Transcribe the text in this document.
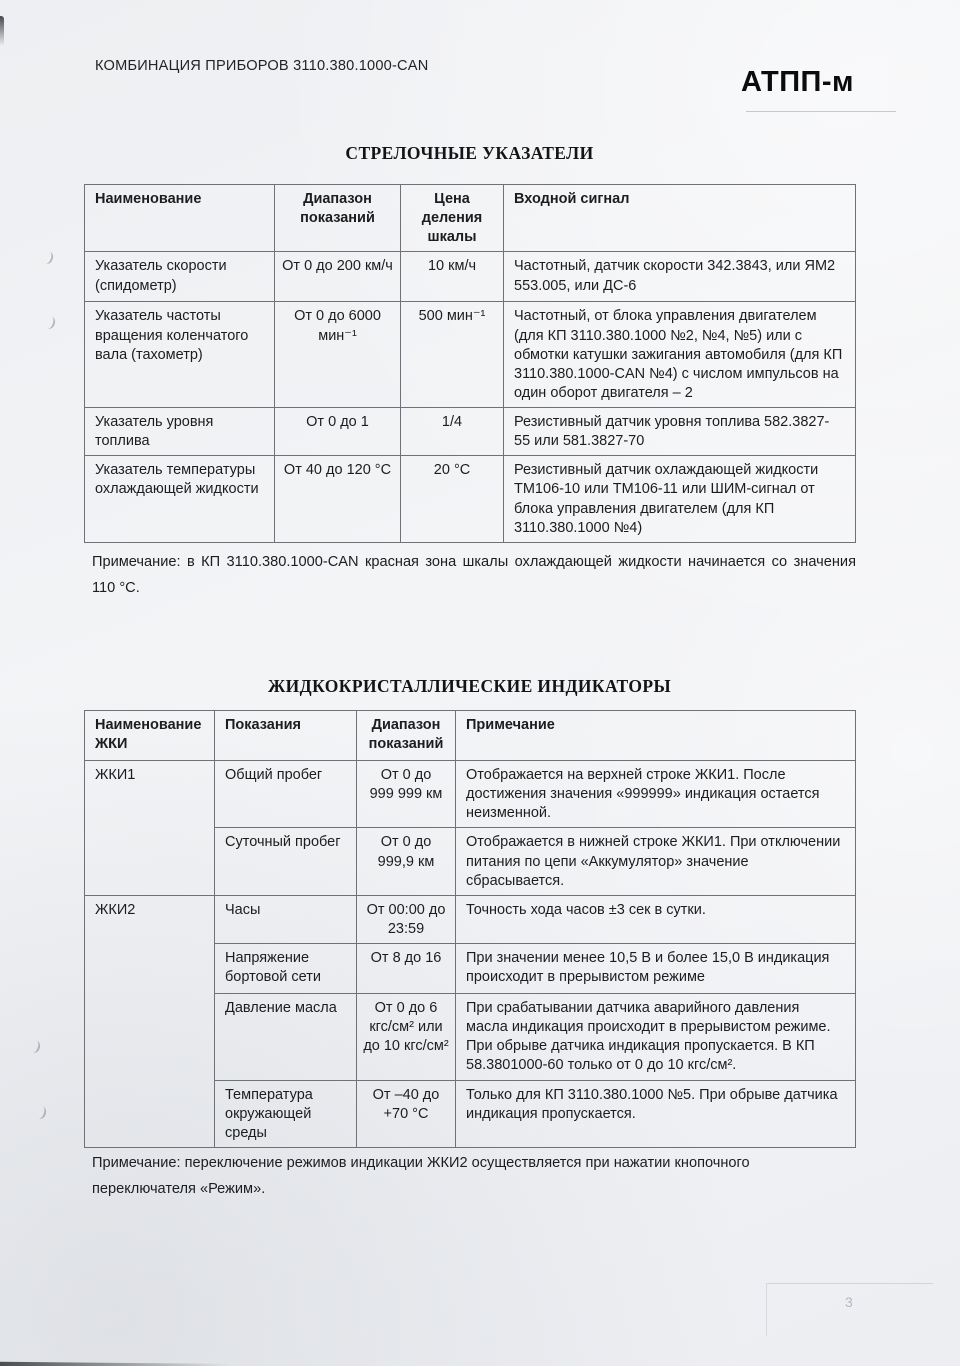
КОМБИНАЦИЯ ПРИБОРОВ 3110.380.1000-CAN	АТПП-м
СТРЕЛОЧНЫЕ УКАЗАТЕЛИ
Наименование	Диапазон показаний	Цена деления шкалы	Входной сигнал
Указатель скорости (спидометр)	От 0 до 200 км/ч	10 км/ч	Частотный, датчик скорости 342.3843, или ЯМ2 553.005, или ДС-6
Указатель частоты вращения коленчатого вала (тахометр)	От 0 до 6000 мин⁻¹	500 мин⁻¹	Частотный, от блока управления двигателем (для КП 3110.380.1000 №2, №4, №5) или с обмотки катушки зажигания автомобиля (для КП 3110.380.1000-CAN №4) с числом импульсов на один оборот двигателя – 2
Указатель уровня топлива	От 0 до 1	1/4	Резистивный датчик уровня топлива 582.3827-55 или 581.3827-70
Указатель температуры охлаждающей жидкости	От 40 до 120 °С	20 °С	Резистивный датчик охлаждающей жидкости ТМ106-10 или ТМ106-11 или ШИМ-сигнал от блока управления двигателем (для КП 3110.380.1000 №4)
Примечание: в КП 3110.380.1000-CAN красная зона шкалы охлаждающей жидкости начинается со значения 110 °С.
ЖИДКОКРИСТАЛЛИЧЕСКИЕ ИНДИКАТОРЫ
Наименование ЖКИ	Показания	Диапазон показаний	Примечание
ЖКИ1	Общий пробег	От 0 до 999 999 км	Отображается на верхней строке ЖКИ1. После достижения значения «999999» индикация остается неизменной.
	Суточный пробег	От 0 до 999,9 км	Отображается в нижней строке ЖКИ1. При отключении питания по цепи «Аккумулятор» значение сбрасывается.
ЖКИ2	Часы	От 00:00 до 23:59	Точность хода часов ±3 сек в сутки.
	Напряжение бортовой сети	От 8 до 16	При значении менее 10,5 В и более 15,0 В индикация происходит в прерывистом режиме
	Давление масла	От 0 до 6 кгс/см² или до 10 кгс/см²	При срабатывании датчика аварийного давления масла индикация происходит в прерывистом режиме. При обрыве датчика индикация пропускается. В КП 58.3801000-60 только от 0 до 10 кгс/см².
	Температура окружающей среды	От –40 до +70 °С	Только для КП 3110.380.1000 №5. При обрыве датчика индикация пропускается.
Примечание: переключение режимов индикации ЖКИ2 осуществляется при нажатии кнопочного переключателя «Режим».
3
